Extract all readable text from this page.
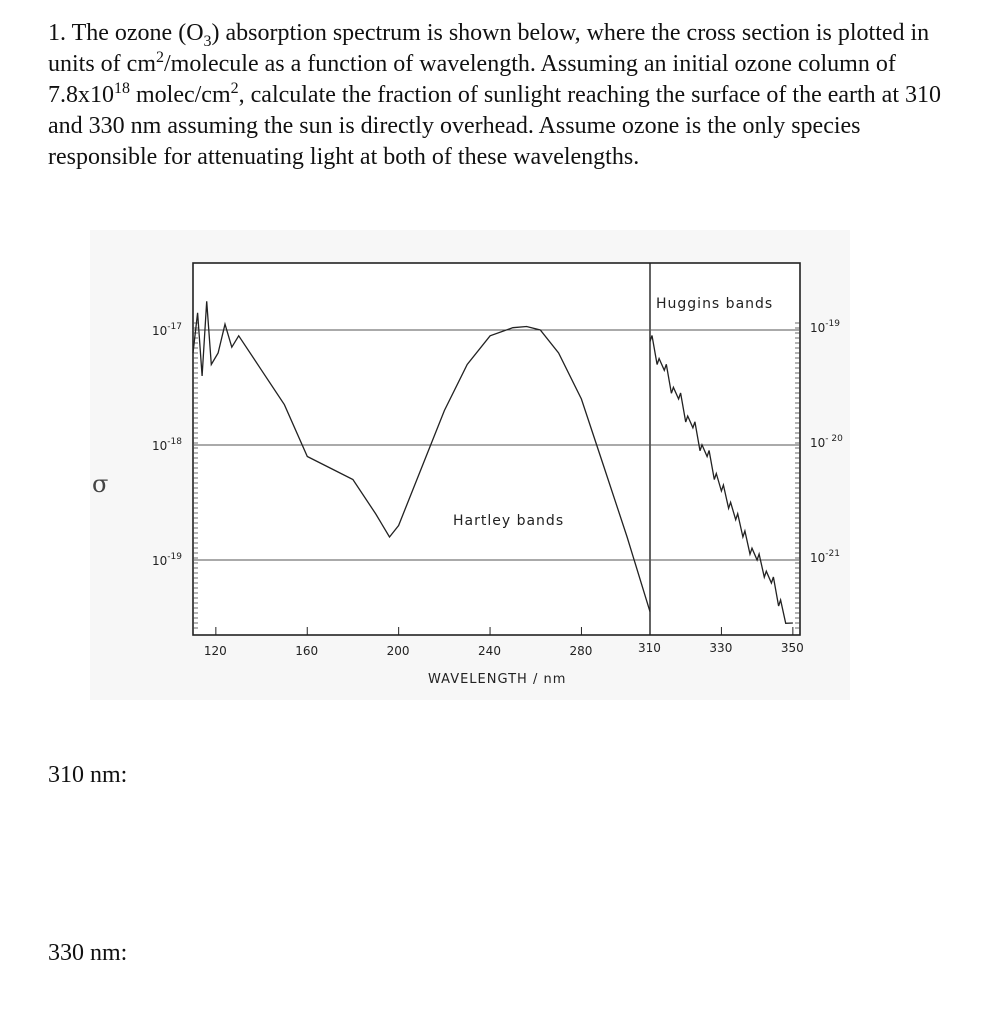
1. The ozone $(O_3)$ absorption spectrum is shown below, where the cross section is plotted in units of $cm^2$/molecule as a function of wavelength. Assuming an initial ozone column of $7.8x10^{18}$ molec/$cm^2$, calculate the fraction of sunlight reaching the surface of the earth at 310 and 330 nm assuming the sun is directly overhead. Assume ozone is the only species responsible for attenuating light at both of these wavelengths.
120	160	200	240	280	310	330	350
$10^{-17}$
$10^{-18}$
$10^{-19}$
$10^{-19}$
$10^{- 20}$
$10^{-21}$
Huggins bands
Hartley bands
WAVELENGTH / nm
σ
310 nm:
330 nm:
